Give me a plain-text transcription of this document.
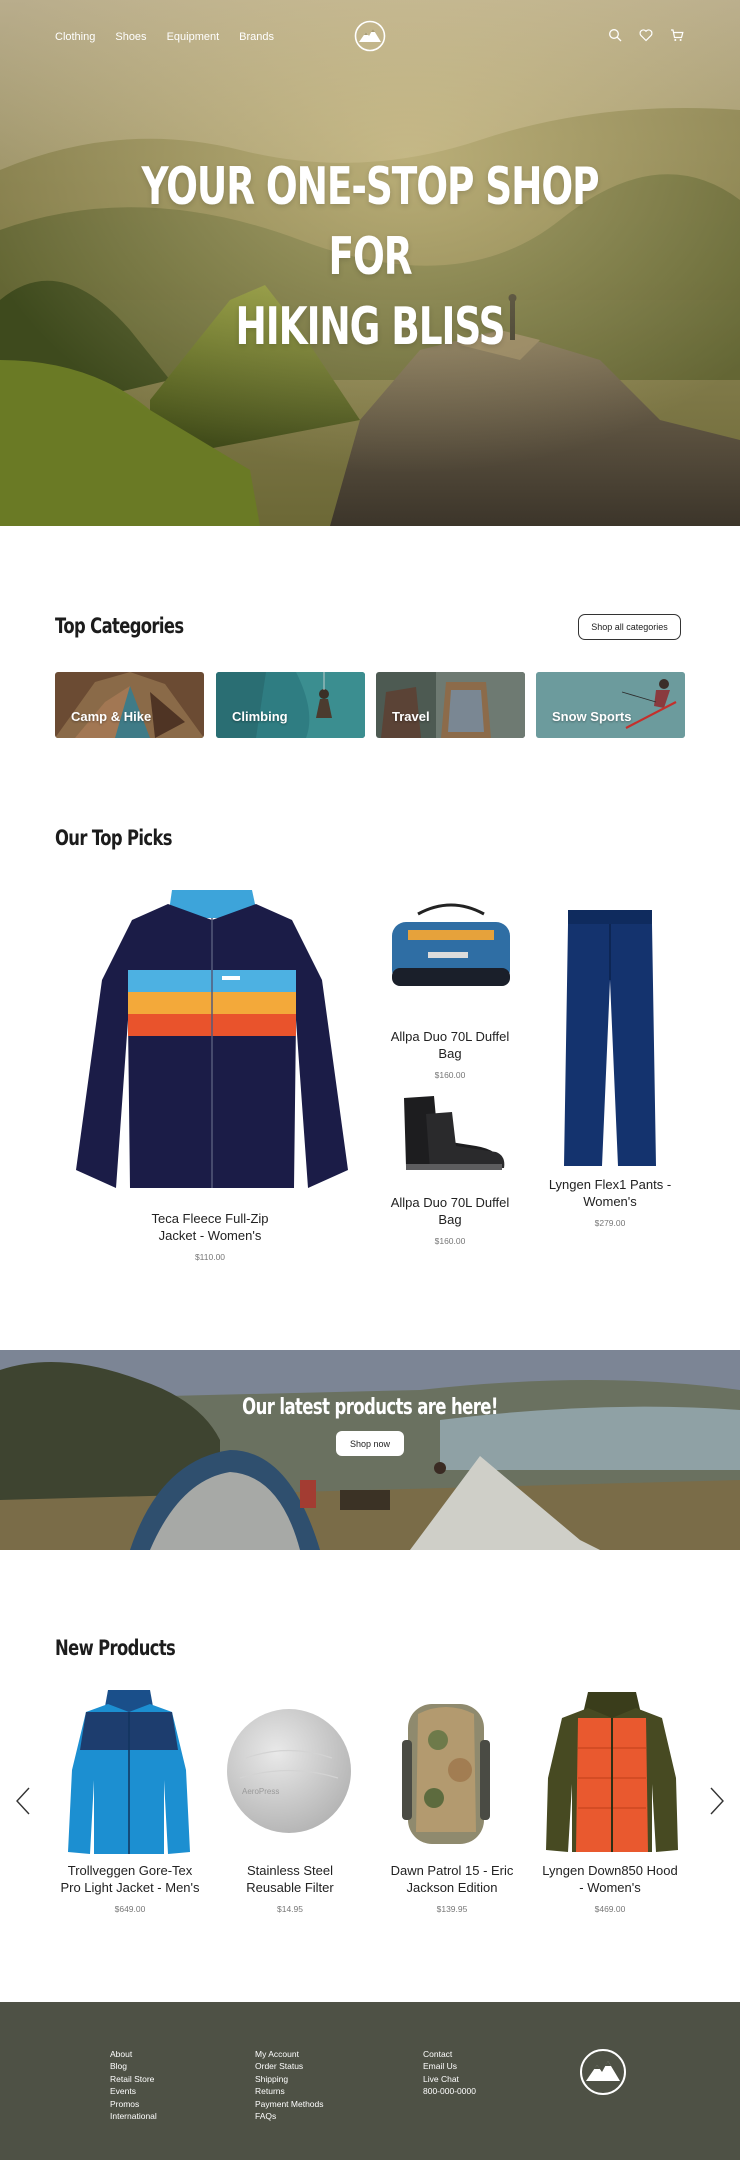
Clothing Shoes Equipment Brands
YOUR ONE-STOP SHOP FOR
HIKING BLISS
Top Categories	Shop all categories
Camp & Hike	Climbing	Travel	Snow Sports
Our Top Picks
Teca Fleece Full-Zip
Jacket - Women's
$110.00
Allpa Duo 70L Duffel
Bag
$160.00
Allpa Duo 70L Duffel
Bag
$160.00
Lyngen Flex1 Pants -
Women's
$279.00
Our latest products are here!
Shop now
New Products
Trollveggen Gore-Tex
Pro Light Jacket - Men's
$649.00
AeroPress
Stainless Steel
Reusable Filter
$14.95
Dawn Patrol 15 - Eric
Jackson Edition
$139.95
Lyngen Down850 Hood
- Women's
$469.00
About
Blog
Retail Store
Events
Promos
International
My Account
Order Status
Shipping
Returns
Payment Methods
FAQs
Contact
Email Us
Live Chat
800-000-0000
